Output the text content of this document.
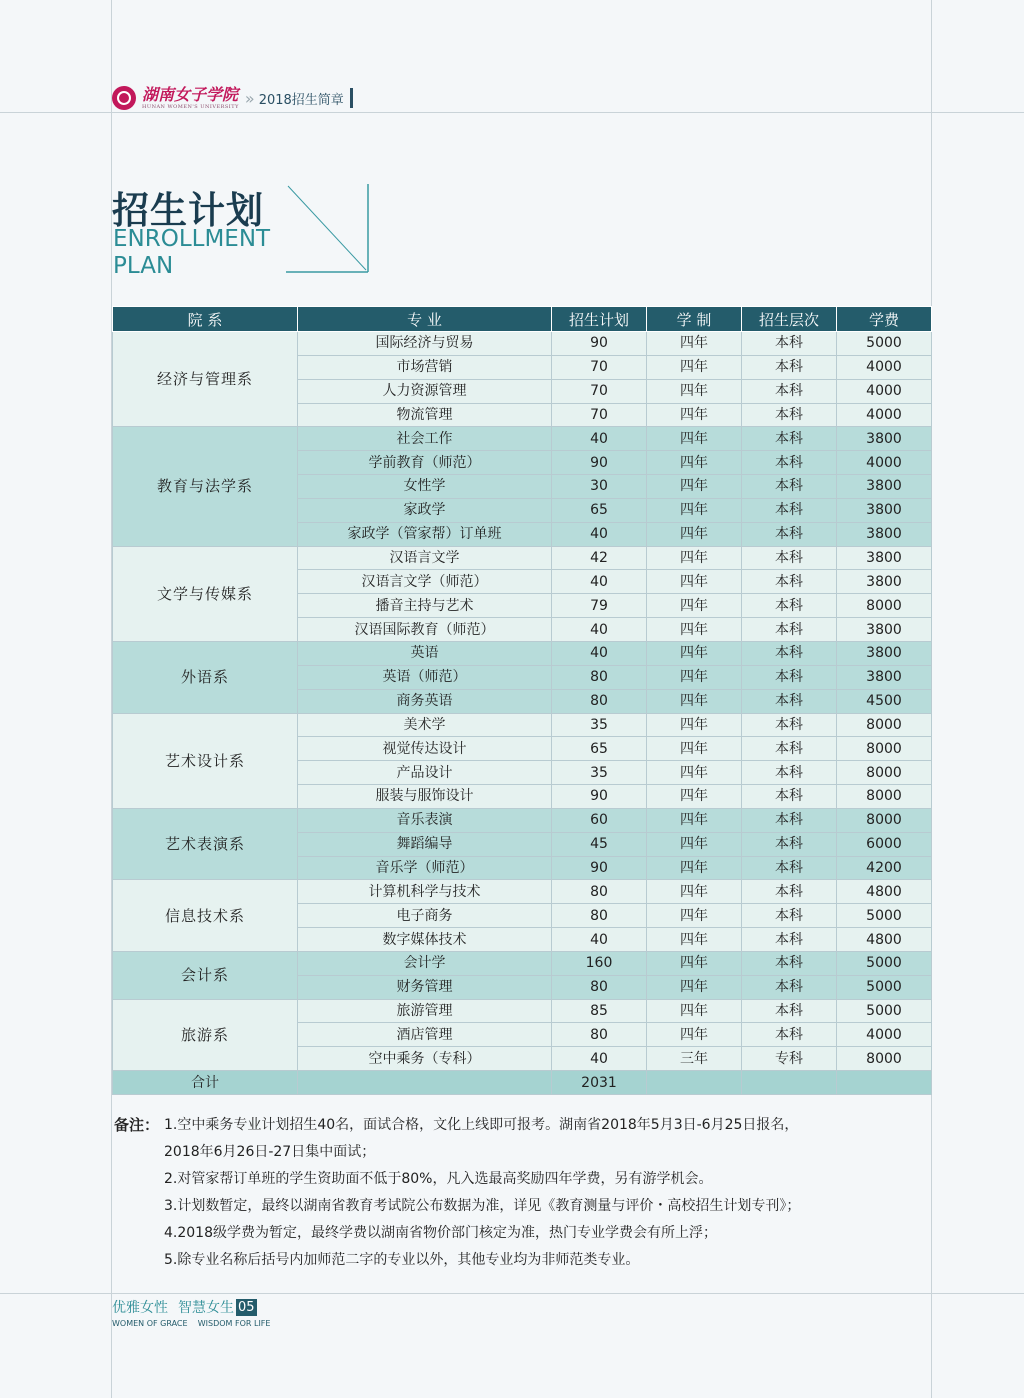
湖南女子学院
HUNAN WOMEN'S UNIVERSITY » 2018招生简章
招生计划
ENROLLMENT
PLAN
院 系	专 业	招生计划	学 制	招生层次	学费
经济与管理系	国际经济与贸易	90	四年	本科	5000
	市场营销	70	四年	本科	4000
	人力资源管理	70	四年	本科	4000
	物流管理	70	四年	本科	4000
教育与法学系	社会工作	40	四年	本科	3800
	学前教育（师范）	90	四年	本科	4000
	女性学	30	四年	本科	3800
	家政学	65	四年	本科	3800
	家政学（管家帮）订单班	40	四年	本科	3800
文学与传媒系	汉语言文学	42	四年	本科	3800
	汉语言文学（师范）	40	四年	本科	3800
	播音主持与艺术	79	四年	本科	8000
	汉语国际教育（师范）	40	四年	本科	3800
外语系	英语	40	四年	本科	3800
	英语（师范）	80	四年	本科	3800
	商务英语	80	四年	本科	4500
艺术设计系	美术学	35	四年	本科	8000
	视觉传达设计	65	四年	本科	8000
	产品设计	35	四年	本科	8000
	服装与服饰设计	90	四年	本科	8000
艺术表演系	音乐表演	60	四年	本科	8000
	舞蹈编导	45	四年	本科	6000
	音乐学（师范）	90	四年	本科	4200
信息技术系	计算机科学与技术	80	四年	本科	4800
	电子商务	80	四年	本科	5000
	数字媒体技术	40	四年	本科	4800
会计系	会计学	160	四年	本科	5000
	财务管理	80	四年	本科	5000
旅游系	旅游管理	85	四年	本科	5000
	酒店管理	80	四年	本科	4000
	空中乘务（专科）	40	三年	专科	8000
合计		2031			
备注： 1.空中乘务专业计划招生40名，面试合格，文化上线即可报考。湖南省2018年5月3日-6月25日报名，
2018年6月26日-27日集中面试；
2.对管家帮订单班的学生资助面不低于80%，凡入选最高奖励四年学费，另有游学机会。
3.计划数暂定，最终以湖南省教育考试院公布数据为准，详见《教育测量与评价・高校招生计划专刊》；
4.2018级学费为暂定，最终学费以湖南省物价部门核定为准，热门专业学费会有所上浮；
5.除专业名称后括号内加师范二字的专业以外，其他专业均为非师范类专业。
优雅女性 智慧女生 05
WOMEN OF GRACE WISDOM FOR LIFE
